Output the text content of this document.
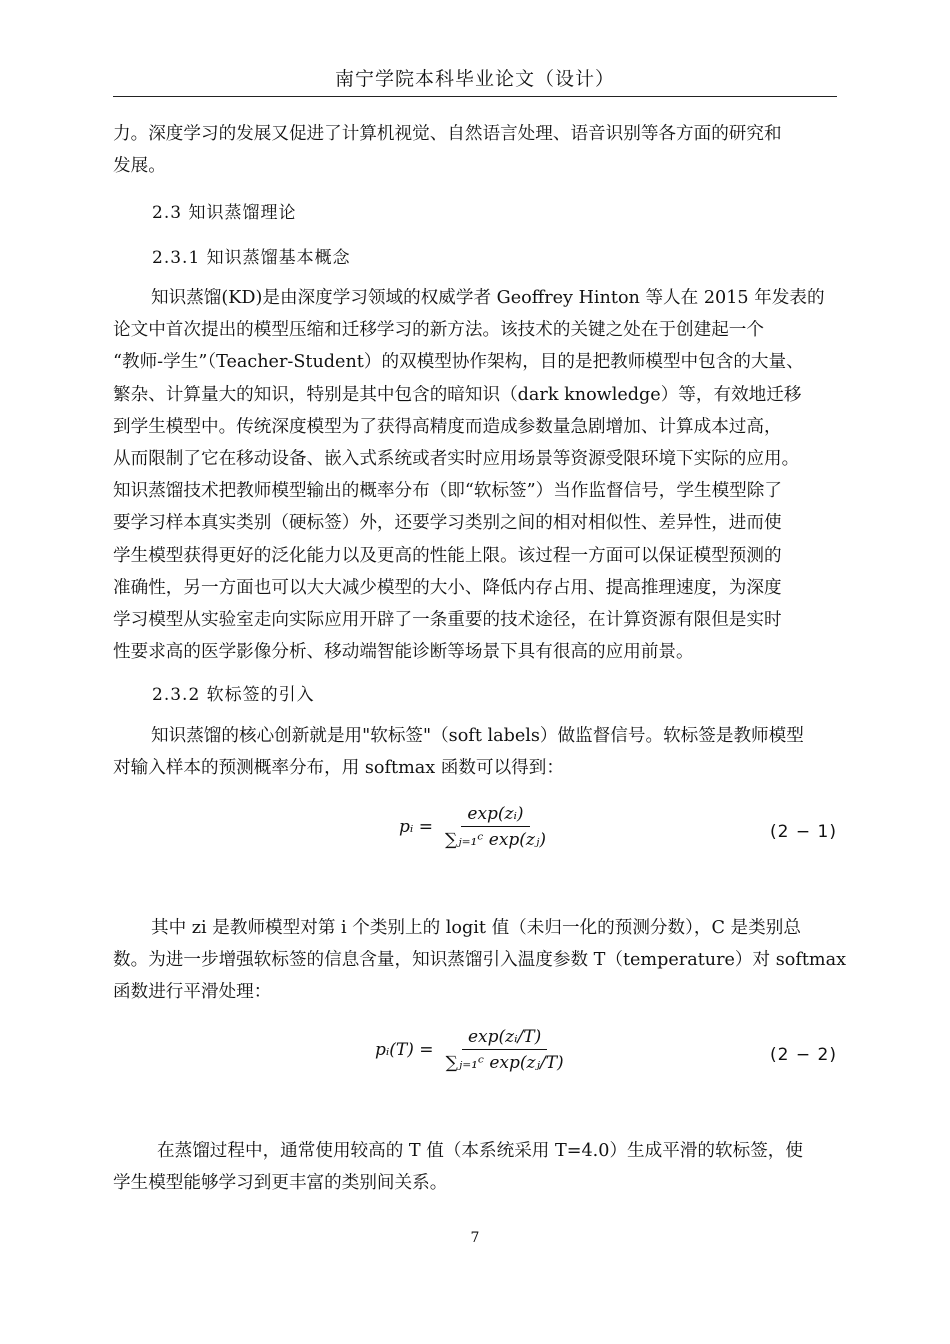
南宁学院本科毕业论文（设计）
力。深度学习的发展又促进了计算机视觉、自然语言处理、语音识别等各方面的研究和
发展。
2.3 知识蒸馏理论
2.3.1 知识蒸馏基本概念
知识蒸馏(KD)是由深度学习领域的权威学者 Geoffrey Hinton 等人在 2015 年发表的
论文中首次提出的模型压缩和迁移学习的新方法。该技术的关键之处在于创建起一个
“教师-学生”（Teacher-Student）的双模型协作架构，目的是把教师模型中包含的大量、
繁杂、计算量大的知识，特别是其中包含的暗知识（dark knowledge）等，有效地迁移
到学生模型中。传统深度模型为了获得高精度而造成参数量急剧增加、计算成本过高，
从而限制了它在移动设备、嵌入式系统或者实时应用场景等资源受限环境下实际的应用。
知识蒸馏技术把教师模型输出的概率分布（即“软标签”）当作监督信号，学生模型除了
要学习样本真实类别（硬标签）外，还要学习类别之间的相对相似性、差异性，进而使
学生模型获得更好的泛化能力以及更高的性能上限。该过程一方面可以保证模型预测的
准确性，另一方面也可以大大减少模型的大小、降低内存占用、提高推理速度，为深度
学习模型从实验室走向实际应用开辟了一条重要的技术途径，在计算资源有限但是实时
性要求高的医学影像分析、移动端智能诊断等场景下具有很高的应用前景。
2.3.2 软标签的引入
知识蒸馏的核心创新就是用"软标签"（soft labels）做监督信号。软标签是教师模型
对输入样本的预测概率分布，用 softmax 函数可以得到：
pᵢ = $\frac{\text{exp(zᵢ)}}{\text{∑ⱼ₌₁ᶜ exp(zⱼ)}}$	(2 − 1)
其中 zi 是教师模型对第 i 个类别上的 logit 值（未归一化的预测分数），C 是类别总
数。为进一步增强软标签的信息含量，知识蒸馏引入温度参数 T（temperature）对 softmax
函数进行平滑处理：
pᵢ(T) = $\frac{\text{exp(zᵢ/T)}}{\text{∑ⱼ₌₁ᶜ exp(zⱼ/T)}}$	(2 − 2)
在蒸馏过程中，通常使用较高的 T 值（本系统采用 T=4.0）生成平滑的软标签，使
学生模型能够学习到更丰富的类别间关系。
7
